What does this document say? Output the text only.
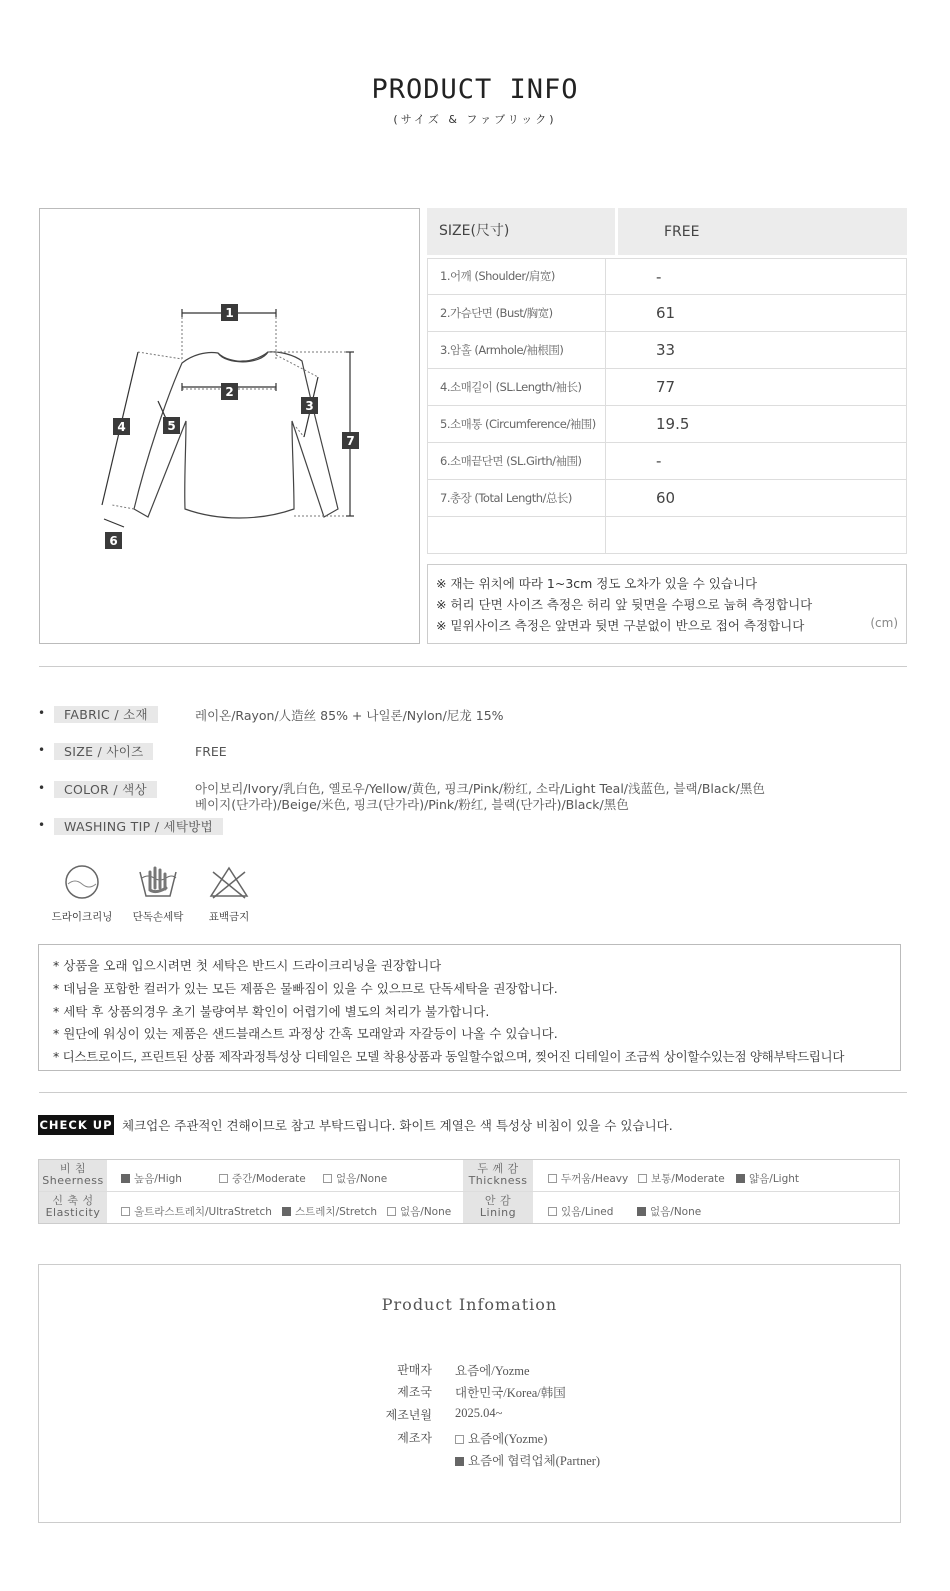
PRODUCT INFO
(サイズ & ファブリック)
1
2
3
4	5
6
7
SIZE(尺寸)	FREE
1.어깨 (Shoulder/肩宽)	-
2.가슴단면 (Bust/胸宽)	61
3.암홀 (Armhole/袖根围)	33
4.소매길이 (SL.Length/袖长)	77
5.소매통 (Circumference/袖围)	19.5
6.소매끝단면 (SL.Girth/袖围)	-
7.총장 (Total Length/总长)	60
※ 재는 위치에 따라 1~3cm 정도 오차가 있을 수 있습니다
※ 허리 단면 사이즈 측정은 허리 앞 뒷면을 수평으로 눕혀 측정합니다
※ 밑위사이즈 측정은 앞면과 뒷면 구분없이 반으로 접어 측정합니다	(cm)
•	FABRIC / 소재	레이온/Rayon/人造丝 85% + 나일론/Nylon/尼龙 15%
•	SIZE / 사이즈	FREE
•	COLOR / 색상	아이보리/Ivory/乳白色, 옐로우/Yellow/黄色, 핑크/Pink/粉红, 소라/Light Teal/浅蓝色, 블랙/Black/黑色
베이지(단가라)/Beige/米色, 핑크(단가라)/Pink/粉红, 블랙(단가라)/Black/黑色
•	WASHING TIP / 세탁방법
드라이크리닝	단독손세탁	표백금지
* 상품을 오래 입으시려면 첫 세탁은 반드시 드라이크리닝을 권장합니다
* 데님을 포함한 컬러가 있는 모든 제품은 물빠짐이 있을 수 있으므로 단독세탁을 권장합니다.
* 세탁 후 상품의경우 초기 불량여부 확인이 어렵기에 별도의 처리가 불가합니다.
* 원단에 워싱이 있는 제품은 샌드블래스트 과정상 간혹 모래알과 자갈등이 나올 수 있습니다.
* 디스트로이드, 프린트된 상품 제작과정특성상 디테일은 모델 착용상품과 동일할수없으며, 찢어진 디테일이 조금씩 상이할수있는점 양해부탁드립니다
CHECK UP 체크업은 주관적인 견해이므로 참고 부탁드립니다. 화이트 계열은 색 특성상 비침이 있을 수 있습니다.
비 침
Sheerness	높음/High	중간/Moderate	없음/None
두 께 감
Thickness	두꺼움/Heavy	보통/Moderate	얇음/Light
신 축 성
Elasticity	울트라스트레치/UltraStretch	스트레치/Stretch	없음/None
안 감
Lining	있음/Lined	없음/None
Product Infomation
판매자 요즘에/Yozme
제조국 대한민국/Korea/韩国
제조년월 2025.04~
제조자	요즘에(Yozme)
요즘에 협력업체(Partner)
